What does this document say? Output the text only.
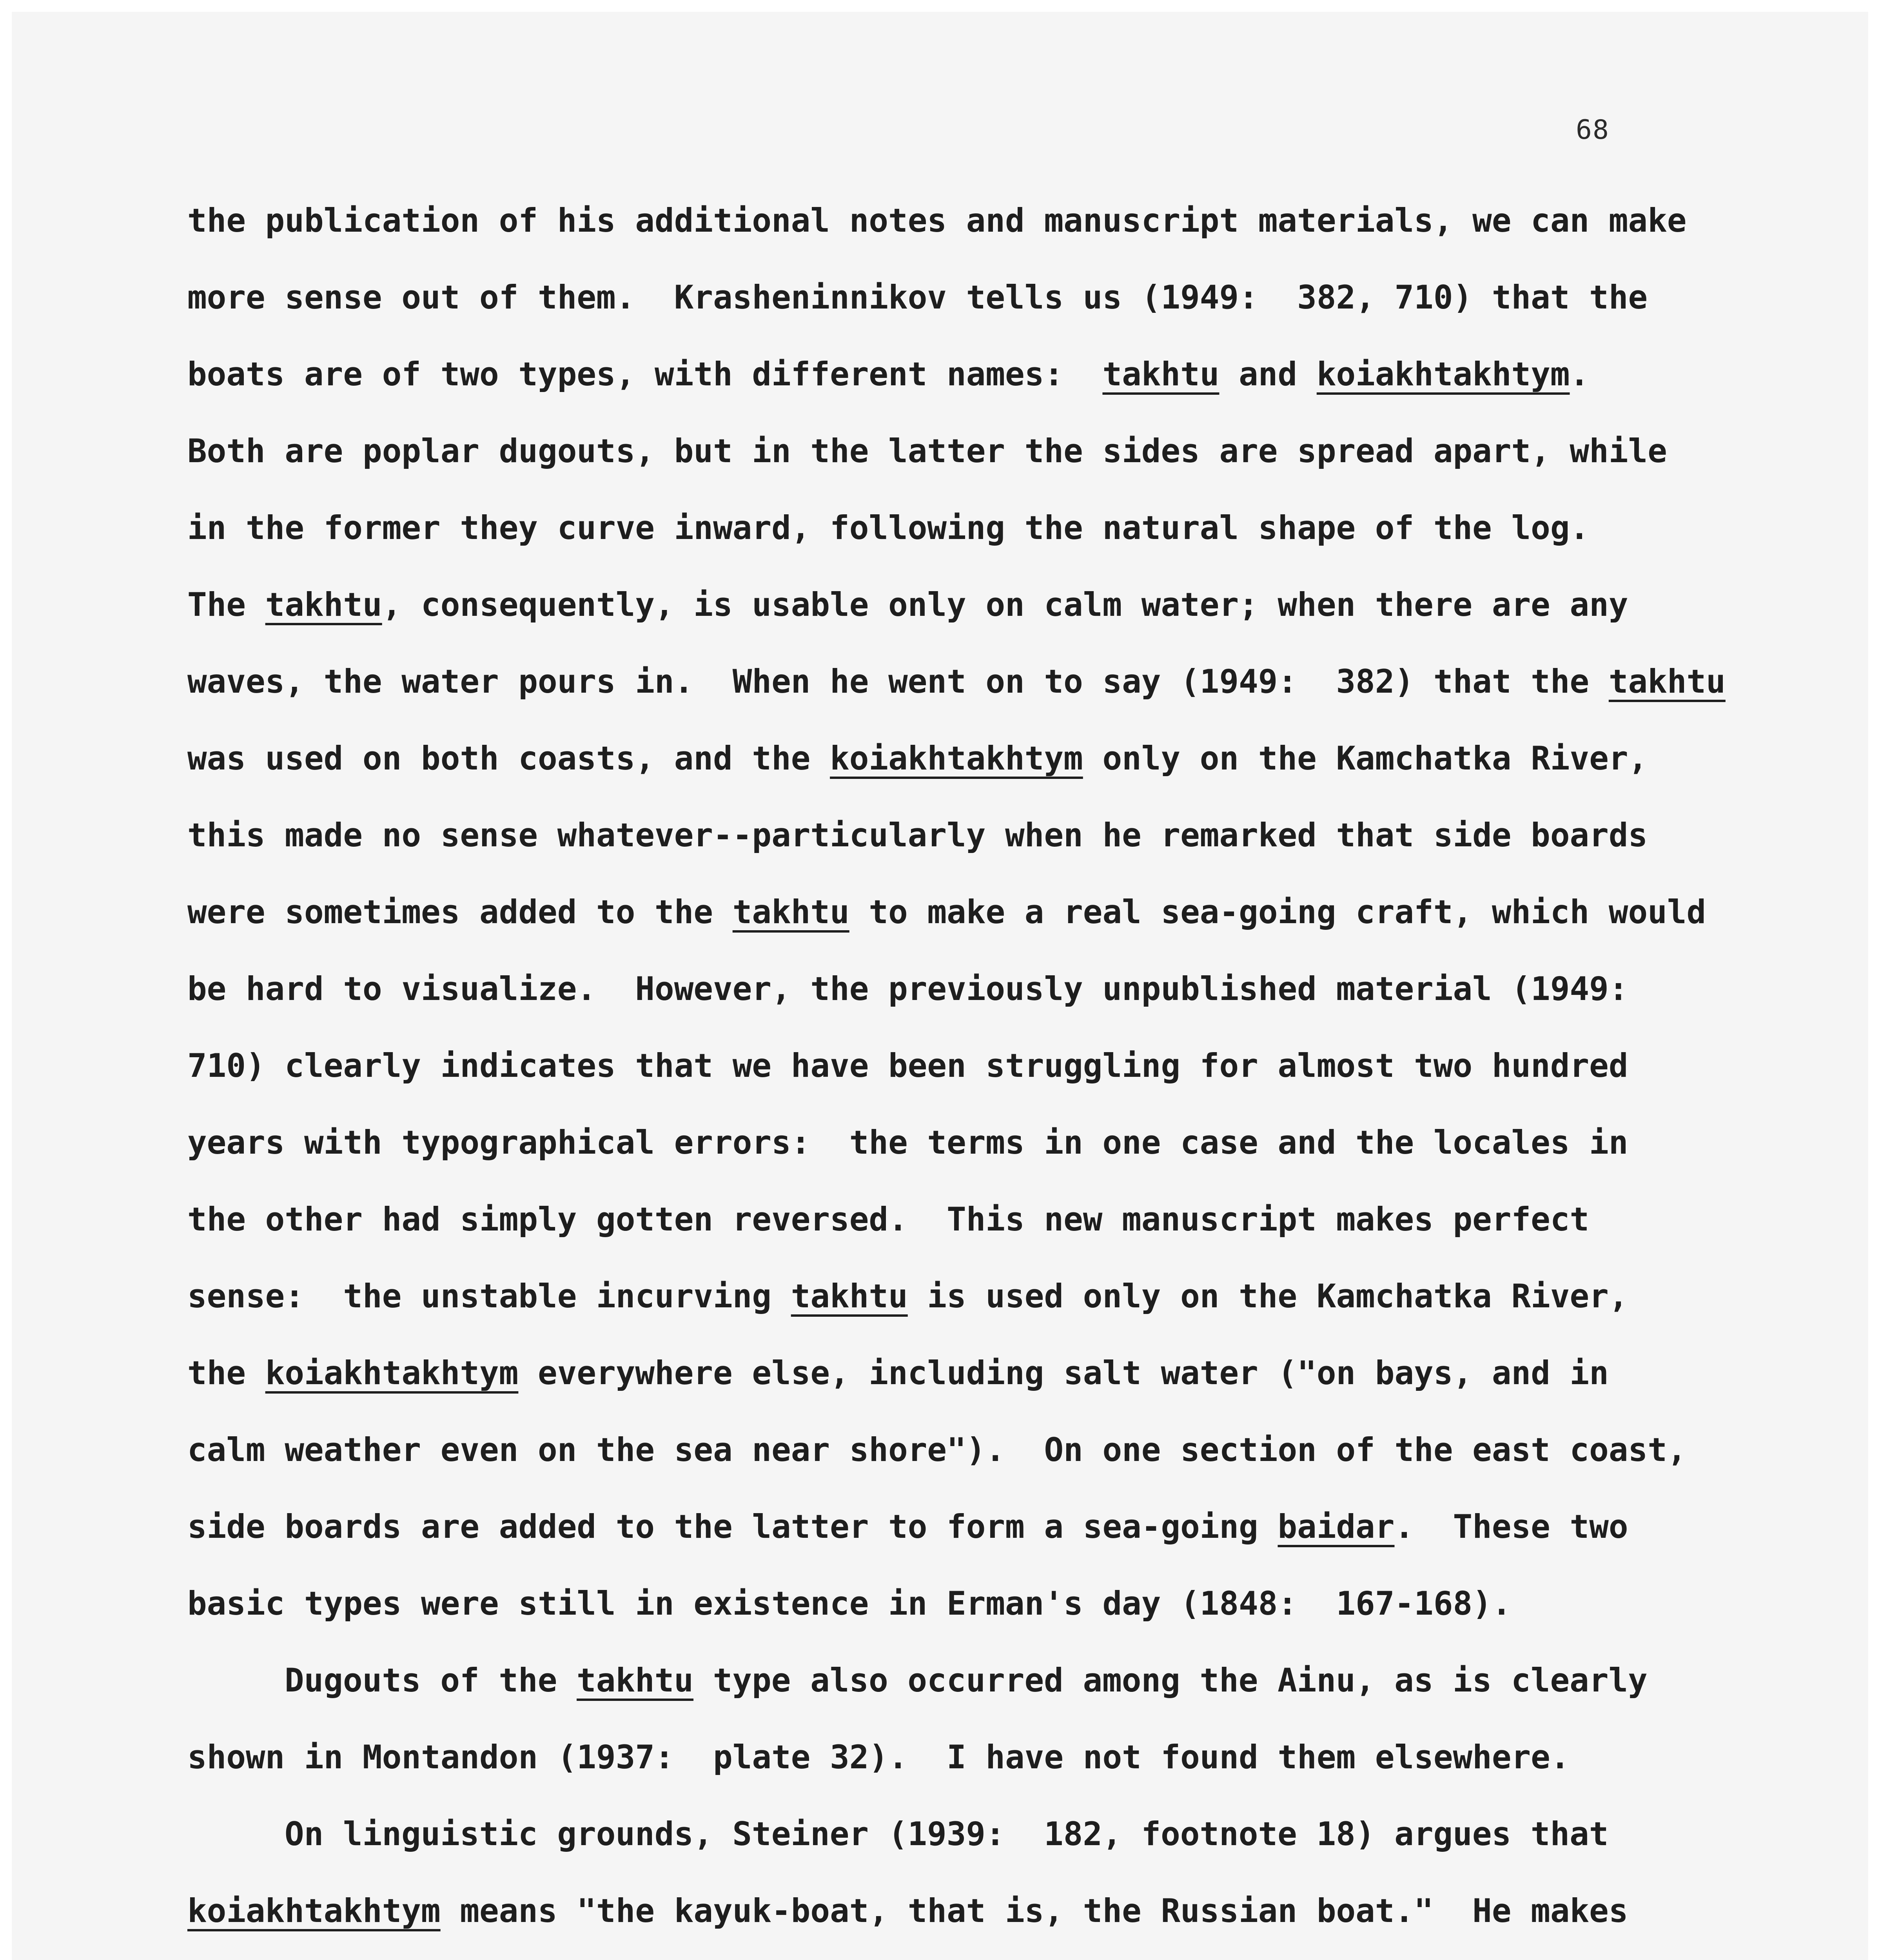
68
the publication of his additional notes and manuscript materials, we can make
more sense out of them.  Krasheninnikov tells us (1949:  382, 710) that the
boats are of two types, with different names:  takhtu and koiakhtakhtym.
Both are poplar dugouts, but in the latter the sides are spread apart, while
in the former they curve inward, following the natural shape of the log.
The takhtu, consequently, is usable only on calm water; when there are any
waves, the water pours in.  When he went on to say (1949:  382) that the takhtu
was used on both coasts, and the koiakhtakhtym only on the Kamchatka River,
this made no sense whatever--particularly when he remarked that side boards
were sometimes added to the takhtu to make a real sea-going craft, which would
be hard to visualize.  However, the previously unpublished material (1949:
710) clearly indicates that we have been struggling for almost two hundred
years with typographical errors:  the terms in one case and the locales in
the other had simply gotten reversed.  This new manuscript makes perfect
sense:  the unstable incurving takhtu is used only on the Kamchatka River,
the koiakhtakhtym everywhere else, including salt water ("on bays, and in
calm weather even on the sea near shore").  On one section of the east coast,
side boards are added to the latter to form a sea-going baidar.  These two
basic types were still in existence in Erman's day (1848:  167-168).
Dugouts of the takhtu type also occurred among the Ainu, as is clearly
shown in Montandon (1937:  plate 32).  I have not found them elsewhere.
On linguistic grounds, Steiner (1939:  182, footnote 18) argues that
koiakhtakhtym means "the kayuk-boat, that is, the Russian boat."  He makes
